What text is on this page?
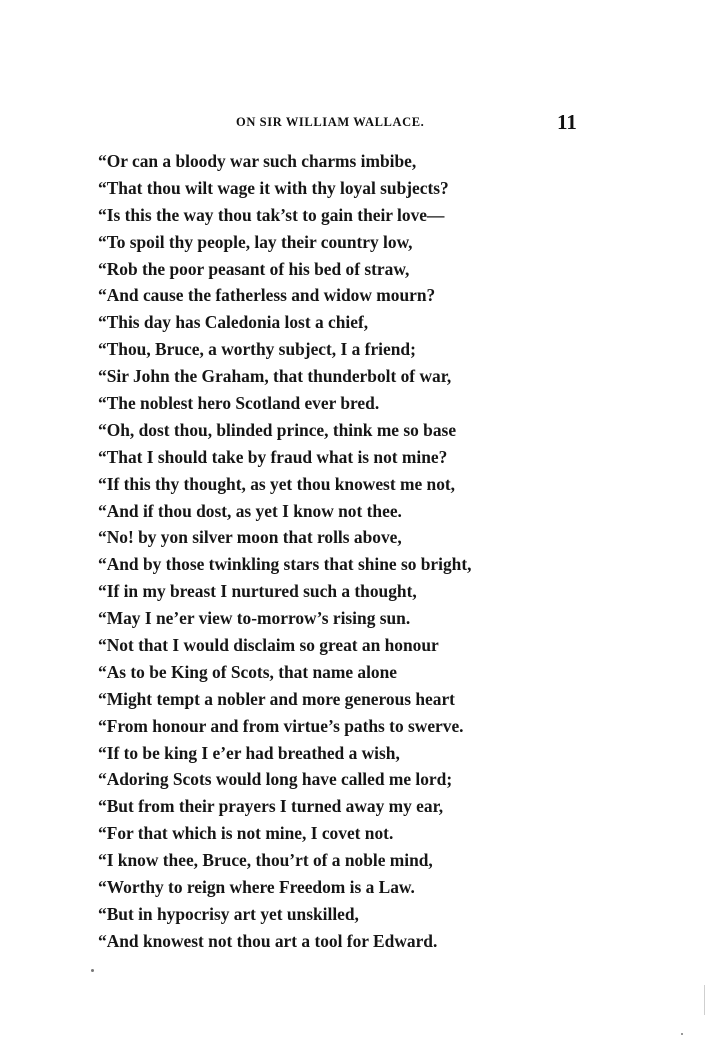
ON SIR WILLIAM WALLACE.	11
“Or can a bloody war such charms imbibe,
“That thou wilt wage it with thy loyal subjects?
“Is this the way thou tak’st to gain their love—
“To spoil thy people, lay their country low,
“Rob the poor peasant of his bed of straw,
“And cause the fatherless and widow mourn?
“This day has Caledonia lost a chief,
“Thou, Bruce, a worthy subject, I a friend;
“Sir John the Graham, that thunderbolt of war,
“The noblest hero Scotland ever bred.
“Oh, dost thou, blinded prince, think me so base
“That I should take by fraud what is not mine?
“If this thy thought, as yet thou knowest me not,
“And if thou dost, as yet I know not thee.
“No! by yon silver moon that rolls above,
“And by those twinkling stars that shine so bright,
“If in my breast I nurtured such a thought,
“May I ne’er view to-morrow’s rising sun.
“Not that I would disclaim so great an honour
“As to be King of Scots, that name alone
“Might tempt a nobler and more generous heart
“From honour and from virtue’s paths to swerve.
“If to be king I e’er had breathed a wish,
“Adoring Scots would long have called me lord;
“But from their prayers I turned away my ear,
“For that which is not mine, I covet not.
“I know thee, Bruce, thou’rt of a noble mind,
“Worthy to reign where Freedom is a Law.
“But in hypocrisy art yet unskilled,
“And knowest not thou art a tool for Edward.
